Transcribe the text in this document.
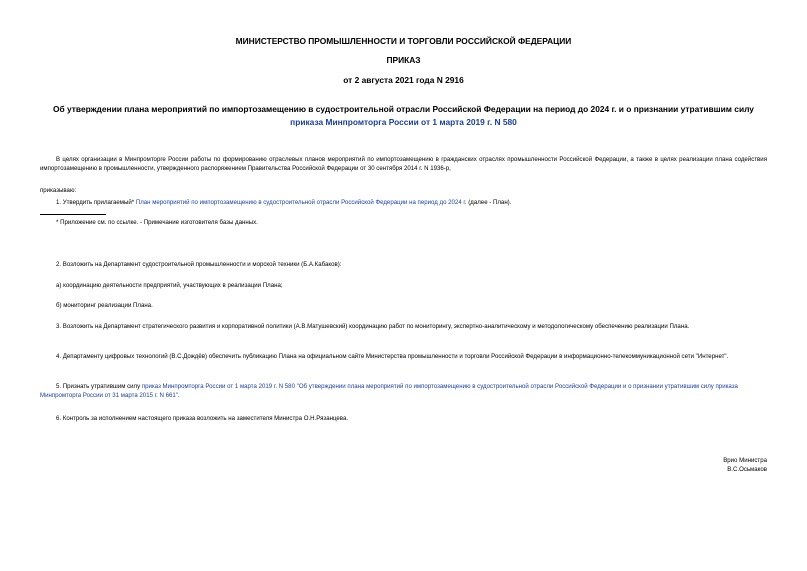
МИНИСТЕРСТВО ПРОМЫШЛЕННОСТИ И ТОРГОВЛИ РОССИЙСКОЙ ФЕДЕРАЦИИ
ПРИКАЗ
от 2 августа 2021 года N 2916
Об утверждении плана мероприятий по импортозамещению в судостроительной отрасли Российской Федерации на период до 2024 г. и о признании утратившим силу приказа Минпромторга России от 1 марта 2019 г. N 580
В целях организации в Минпромторге России работы по формированию отраслевых планов мероприятий по импортозамещению в гражданских отраслях промышленности Российской Федерации, а также в целях реализации плана содействия импортозамещению в промышленности, утвержденного распоряжением Правительства Российской Федерации от 30 сентября 2014 г. N 1936-р,
приказываю:
1. Утвердить прилагаемый* План мероприятий по импортозамещению в судостроительной отрасли Российской Федерации на период до 2024 г. (далее - План).
* Приложение см. по ссылке. - Примечание изготовителя базы данных.
2. Возложить на Департамент судостроительной промышленности и морской техники (Б.А.Кабаков):
а) координацию деятельности предприятий, участвующих в реализации Плана;
б) мониторинг реализации Плана.
3. Возложить на Департамент стратегического развития и корпоративной политики (А.В.Матушевский) координацию работ по мониторингу, экспертно-аналитическому и методологическому обеспечению реализации Плана.
4. Департаменту цифровых технологий (В.С.Дождёв) обеспечить публикацию Плана на официальном сайте Министерства промышленности и торговли Российской Федерации в информационно-телекоммуникационной сети "Интернет".
5. Признать утратившим силу приказ Минпромторга России от 1 марта 2019 г. N 580 "Об утверждении плана мероприятий по импортозамещению в судостроительной отрасли Российской Федерации и о признании утратившим силу приказа Минпромторга России от 31 марта 2015 г. N 661".
6. Контроль за исполнением настоящего приказа возложить на заместителя Министра О.Н.Рязанцева.
Врио Министра
В.С.Осьмаков
